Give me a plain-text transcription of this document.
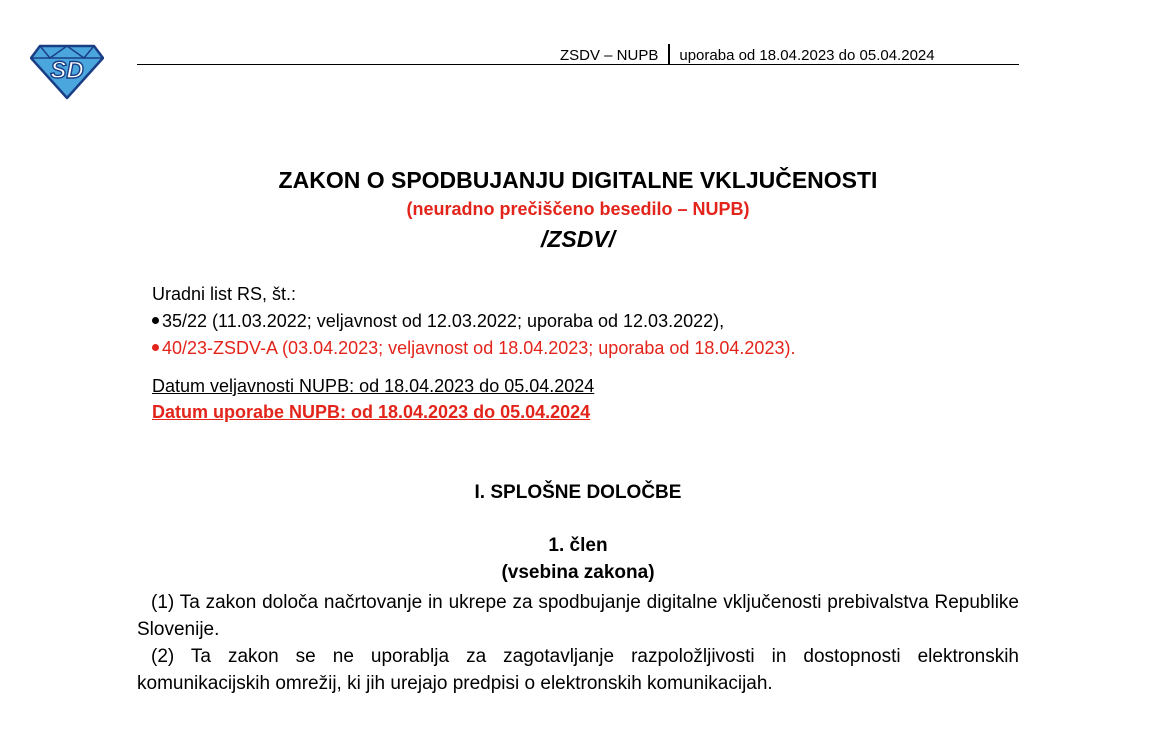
SD
ZSDV – NUPB uporaba od 18.04.2023 do 05.04.2024
ZAKON O SPODBUJANJU DIGITALNE VKLJUČENOSTI
(neuradno prečiščeno besedilo – NUPB)
/ZSDV/
Uradni list RS, št.:
35/22 (11.03.2022; veljavnost od 12.03.2022; uporaba od 12.03.2022),
40/23-ZSDV-A (03.04.2023; veljavnost od 18.04.2023; uporaba od 18.04.2023).
Datum veljavnosti NUPB: od 18.04.2023 do 05.04.2024
Datum uporabe NUPB: od 18.04.2023 do 05.04.2024
I. SPLOŠNE DOLOČBE
1. člen
(vsebina zakona)

(1) Ta zakon določa načrtovanje in ukrepe za spodbujanje digitalne vključenosti prebivalstva Republike Slovenije.

(2) Ta zakon se ne uporablja za zagotavljanje razpoložljivosti in dostopnosti elektronskih komunikacijskih omrežij, ki jih urejajo predpisi o elektronskih komunikacijah.
